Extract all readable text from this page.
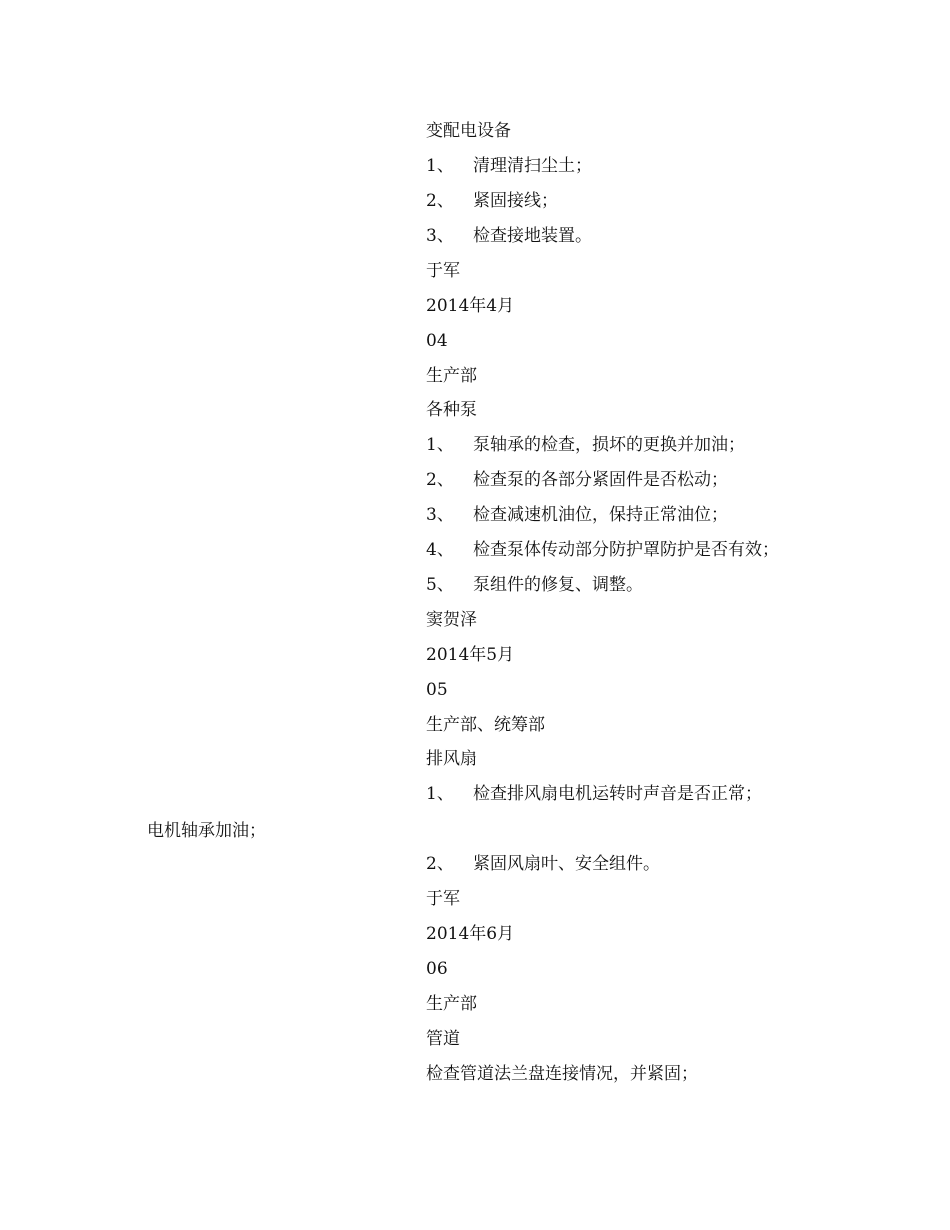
变配电设备
1、 清理清扫尘土；
2、 紧固接线；
3、 检查接地装置。
于军
2014年4月
04
生产部
各种泵
1、 泵轴承的检查，损坏的更换并加油；
2、 检查泵的各部分紧固件是否松动；
3、 检查减速机油位，保持正常油位；
4、 检查泵体传动部分防护罩防护是否有效；
5、 泵组件的修复、调整。
窦贺泽
2014年5月
05
生产部、统筹部
排风扇
1、 检查排风扇电机运转时声音是否正常；
电机轴承加油；
2、 紧固风扇叶、安全组件。
于军
2014年6月
06
生产部
管道
检查管道法兰盘连接情况，并紧固；
